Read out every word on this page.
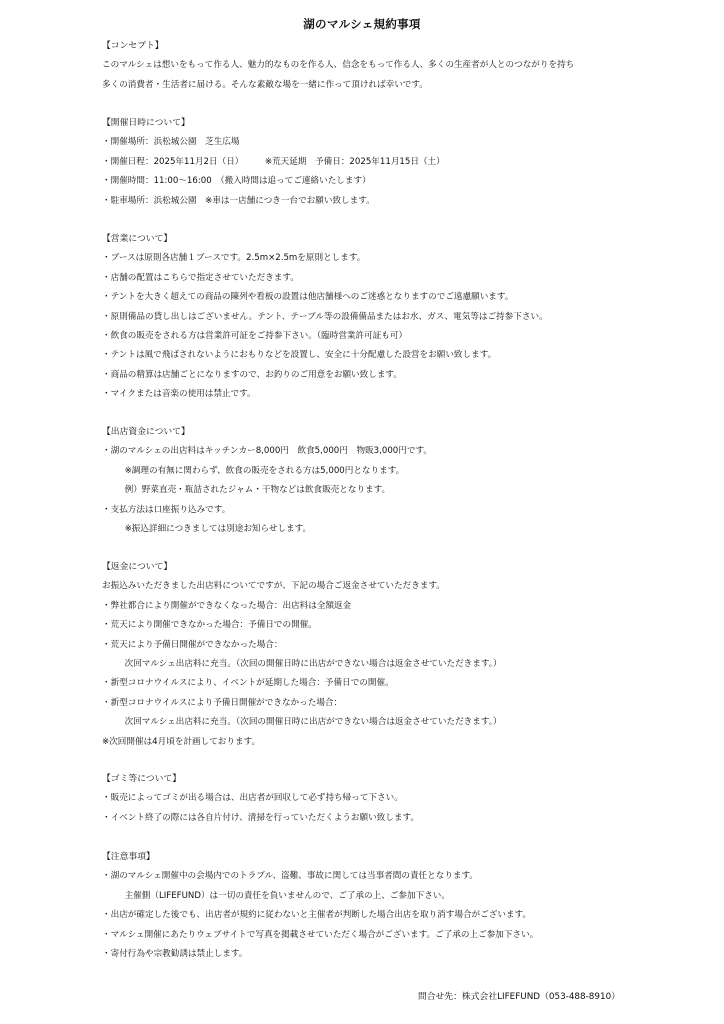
湖のマルシェ規約事項
【コンセプト】
このマルシェは想いをもって作る人、魅力的なものを作る人、信念をもって作る人、多くの生産者が人とのつながりを持ち
多くの消費者・生活者に届ける。そんな素敵な場を一緒に作って頂ければ幸いです。
【開催日時について】
・開催場所：浜松城公園　芝生広場
・開催日程：2025年11月2日（日）　　　※荒天延期　予備日：2025年11月15日（土）
・開催時間：11:00～16:00　（搬入時間は追ってご連絡いたします）
・駐車場所：浜松城公園　※車は一店舗につき一台でお願い致します。
【営業について】
・ブースは原則各店舗１ブースです。2.5m×2.5mを原則とします。
・店舗の配置はこちらで指定させていただきます。
・テントを大きく超えての商品の陳列や看板の設置は他店舗様へのご迷惑となりますのでご遠慮願います。
・原則備品の貸し出しはございません。テント、テーブル等の設備備品またはお水、ガス、電気等はご持参下さい。
・飲食の販売をされる方は営業許可証をご持参下さい。（臨時営業許可証も可）
・テントは風で飛ばされないようにおもりなどを設置し、安全に十分配慮した設営をお願い致します。
・商品の精算は店舗ごとになりますので、お釣りのご用意をお願い致します。
・マイクまたは音楽の使用は禁止です。
【出店資金について】
・湖のマルシェの出店料はキッチンカー8,000円　飲食5,000円　物販3,000円です。
　※調理の有無に関わらず、飲食の販売をされる方は5,000円となります。
　例）野菜直売・瓶詰されたジャム・干物などは飲食販売となります。
・支払方法は口座振り込みです。
　※振込詳細につきましては別途お知らせします。
【返金について】
お振込みいただきました出店料についてですが、下記の場合ご返金させていただきます。
・弊社都合により開催ができなくなった場合：出店料は全額返金
・荒天により開催できなかった場合：予備日での開催。
・荒天により予備日開催ができなかった場合：
　次回マルシェ出店料に充当。（次回の開催日時に出店ができない場合は返金させていただきます。）
・新型コロナウイルスにより、イベントが延期した場合：予備日での開催。
・新型コロナウイルスにより予備日開催ができなかった場合：
　次回マルシェ出店料に充当。（次回の開催日時に出店ができない場合は返金させていただきます。）
※次回開催は4月頃を計画しております。
【ゴミ等について】
・販売によってゴミが出る場合は、出店者が回収して必ず持ち帰って下さい。
・イベント終了の際には各自片付け、清掃を行っていただくようお願い致します。
【注意事項】
・湖のマルシェ開催中の会場内でのトラブル、盗難、事故に関しては当事者間の責任となります。
　主催側（LIFEFUND）は一切の責任を負いませんので、ご了承の上、ご参加下さい。
・出店が確定した後でも、出店者が規約に従わないと主催者が判断した場合出店を取り消す場合がございます。
・マルシェ開催にあたりウェブサイトで写真を掲載させていただく場合がございます。ご了承の上ご参加下さい。
・寄付行為や宗教勧誘は禁止します。
問合せ先：株式会社LIFEFUND（053-488-8910）
